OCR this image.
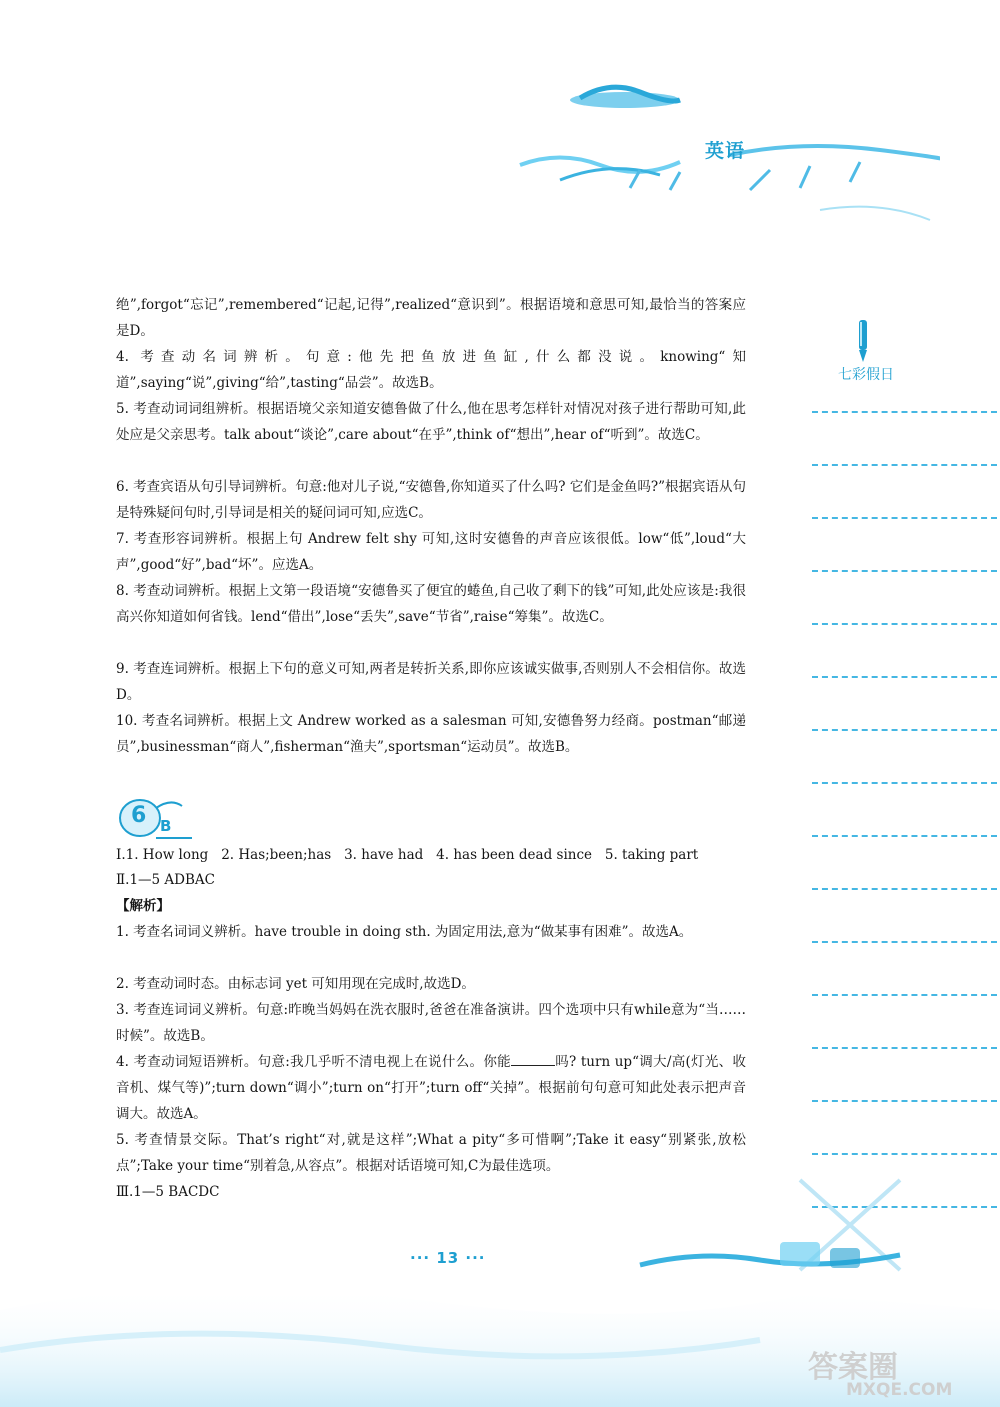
英语
七彩假日

绝”,forgot“忘记”,remembered“记起,记得”,realized“意识到”。根据语境和意思可知,最恰当的答案应是D。

4. 考查动名词辨析。句意:他先把鱼放进鱼缸,什么都没说。knowing“知道”,saying“说”,giving“给”,tasting“品尝”。故选B。

5. 考查动词词组辨析。根据语境父亲知道安德鲁做了什么,他在思考怎样针对情况对孩子进行帮助可知,此处应是父亲思考。talk about“谈论”,care about“在乎”,think of“想出”,hear of“听到”。故选C。

6. 考查宾语从句引导词辨析。句意:他对儿子说,“安德鲁,你知道买了什么吗? 它们是金鱼吗?”根据宾语从句是特殊疑问句时,引导词是相关的疑问词可知,应选C。

7. 考查形容词辨析。根据上句 Andrew felt shy 可知,这时安德鲁的声音应该很低。low“低”,loud“大声”,good“好”,bad“坏”。应选A。

8. 考查动词辨析。根据上文第一段语境“安德鲁买了便宜的蜷鱼,自己收了剩下的钱”可知,此处应该是:我很高兴你知道如何省钱。lend“借出”,lose“丢失”,save“节省”,raise“筹集”。故选C。

9. 考查连词辨析。根据上下句的意义可知,两者是转折关系,即你应该诚实做事,否则别人不会相信你。故选D。

10. 考查名词辨析。根据上文 Andrew worked as a salesman 可知,安德鲁努力经商。postman“邮递员”,businessman“商人”,fisherman“渔夫”,sportsman“运动员”。故选B。

6 B

Ⅰ.1. How long   2. Has;been;has   3. have had   4. has been dead since   5. taking part

Ⅱ.1—5 ADBAC

【解析】

1. 考查名词词义辨析。have trouble in doing sth. 为固定用法,意为“做某事有困难”。故选A。

2. 考查动词时态。由标志词 yet 可知用现在完成时,故选D。

3. 考查连词词义辨析。句意:昨晚当妈妈在洗衣服时,爸爸在准备演讲。四个选项中只有while意为“当……时候”。故选B。

4. 考查动词短语辨析。句意:我几乎听不清电视上在说什么。你能	吗? turn up“调大/高(灯光、收音机、煤气等)”;turn down“调小”;turn on“打开”;turn off“关掉”。根据前句句意可知此处表示把声音调大。故选A。

5. 考查情景交际。That’s right“对,就是这样”;What a pity“多可惜啊”;Take it easy“别紧张,放松点”;Take your time“别着急,从容点”。根据对话语境可知,C为最佳选项。

Ⅲ.1—5 BACDC

··· 13 ···
答案圈
MXQE.COM
